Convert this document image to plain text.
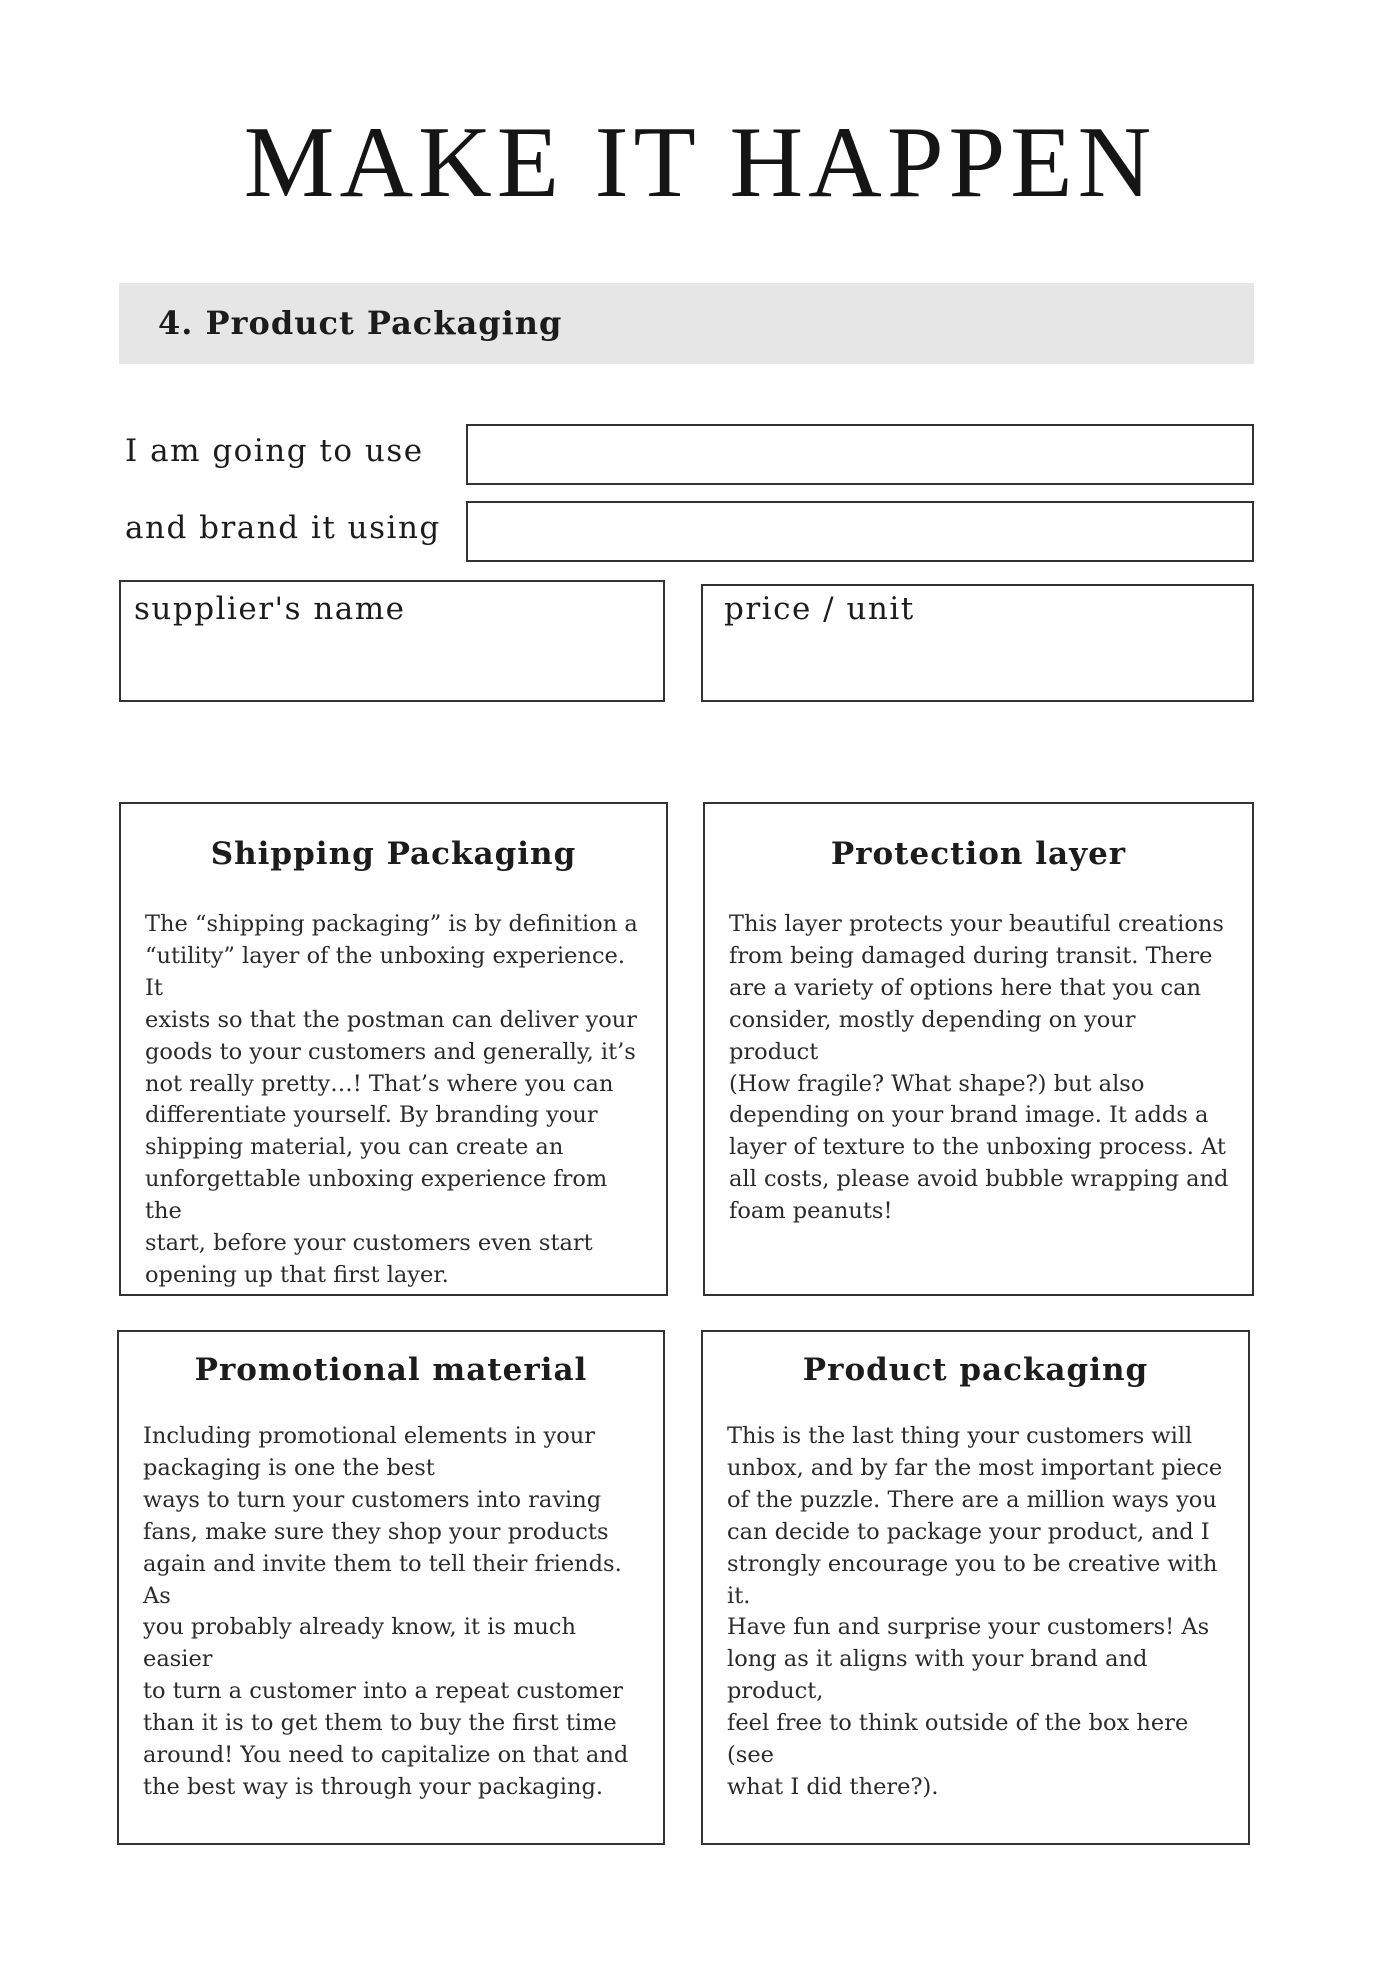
MAKE IT HAPPEN
4. Product Packaging
I am going to use
and brand it using
supplier's name	price / unit
Shipping Packaging
The “shipping packaging” is by definition a
“utility” layer of the unboxing experience. It
exists so that the postman can deliver your
goods to your customers and generally, it’s
not really pretty…! That’s where you can
differentiate yourself. By branding your
shipping material, you can create an
unforgettable unboxing experience from the
start, before your customers even start
opening up that first layer.
Protection layer
This layer protects your beautiful creations
from being damaged during transit. There
are a variety of options here that you can
consider, mostly depending on your product
(How fragile? What shape?) but also
depending on your brand image. It adds a
layer of texture to the unboxing process. At
all costs, please avoid bubble wrapping and
foam peanuts!
Promotional material
Including promotional elements in your
packaging is one the best
ways to turn your customers into raving
fans, make sure they shop your products
again and invite them to tell their friends. As
you probably already know, it is much easier
to turn a customer into a repeat customer
than it is to get them to buy the first time
around! You need to capitalize on that and
the best way is through your packaging.
Product packaging
This is the last thing your customers will
unbox, and by far the most important piece
of the puzzle. There are a million ways you
can decide to package your product, and I
strongly encourage you to be creative with it.
Have fun and surprise your customers! As
long as it aligns with your brand and product,
feel free to think outside of the box here (see
what I did there?).
